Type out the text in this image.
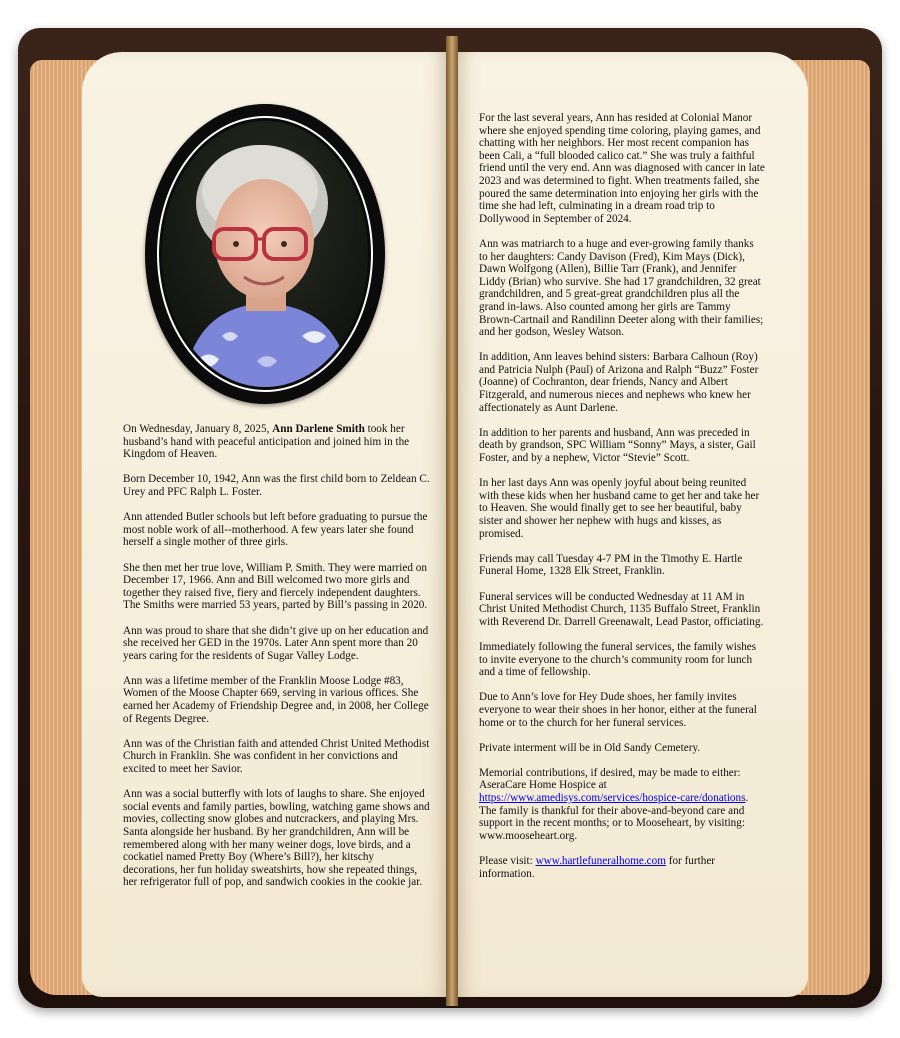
On Wednesday, January 8, 2025, Ann Darlene Smith took her husband’s hand with peaceful anticipation and joined him in the Kingdom of Heaven.

Born December 10, 1942, Ann was the first child born to Zeldean C. Urey and PFC Ralph L. Foster.

Ann attended Butler schools but left before graduating to pursue the most noble work of all--motherhood. A few years later she found herself a single mother of three girls.

She then met her true love, William P. Smith. They were married on December 17, 1966. Ann and Bill welcomed two more girls and together they raised five, fiery and fiercely independent daughters. The Smiths were married 53 years, parted by Bill’s passing in 2020.

Ann was proud to share that she didn’t give up on her education and she received her GED in the 1970s. Later Ann spent more than 20 years caring for the residents of Sugar Valley Lodge.

Ann was a lifetime member of the Franklin Moose Lodge #83, Women of the Moose Chapter 669, serving in various offices. She earned her Academy of Friendship Degree and, in 2008, her College of Regents Degree.

Ann was of the Christian faith and attended Christ United Methodist Church in Franklin. She was confident in her convictions and excited to meet her Savior.

Ann was a social butterfly with lots of laughs to share. She enjoyed social events and family parties, bowling, watching game shows and movies, collecting snow globes and nutcrackers, and playing Mrs. Santa alongside her husband. By her grandchildren, Ann will be remembered along with her many weiner dogs, love birds, and a cockatiel named Pretty Boy (Where’s Bill?), her kitschy decorations, her fun holiday sweatshirts, how she repeated things, her refrigerator full of pop, and sandwich cookies in the cookie jar.

For the last several years, Ann has resided at Colonial Manor where she enjoyed spending time coloring, playing games, and chatting with her neighbors. Her most recent companion has been Cali, a “full blooded calico cat.” She was truly a faithful friend until the very end. Ann was diagnosed with cancer in late 2023 and was determined to fight. When treatments failed, she poured the same determination into enjoying her girls with the time she had left, culminating in a dream road trip to Dollywood in September of 2024.

Ann was matriarch to a huge and ever-growing family thanks to her daughters: Candy Davison (Fred), Kim Mays (Dick), Dawn Wolfgong (Allen), Billie Tarr (Frank), and Jennifer Liddy (Brian) who survive. She had 17 grandchildren, 32 great grandchildren, and 5 great-great grandchildren plus all the grand in-laws. Also counted among her girls are Tammy Brown-Cartnail and Randilinn Deeter along with their families; and her godson, Wesley Watson.

In addition, Ann leaves behind sisters: Barbara Calhoun (Roy) and Patricia Nulph (Paul) of Arizona and Ralph “Buzz” Foster (Joanne) of Cochranton, dear friends, Nancy and Albert Fitzgerald, and numerous nieces and nephews who knew her affectionately as Aunt Darlene.

In addition to her parents and husband, Ann was preceded in death by grandson, SPC William “Sonny” Mays, a sister, Gail Foster, and by a nephew, Victor “Stevie” Scott.

In her last days Ann was openly joyful about being reunited with these kids when her husband came to get her and take her to Heaven. She would finally get to see her beautiful, baby sister and shower her nephew with hugs and kisses, as promised.

Friends may call Tuesday 4-7 PM in the Timothy E. Hartle Funeral Home, 1328 Elk Street, Franklin.

Funeral services will be conducted Wednesday at 11 AM in Christ United Methodist Church, 1135 Buffalo Street, Franklin with Reverend Dr. Darrell Greenawalt, Lead Pastor, officiating.

Immediately following the funeral services, the family wishes to invite everyone to the church’s community room for lunch and a time of fellowship.

Due to Ann’s love for Hey Dude shoes, her family invites everyone to wear their shoes in her honor, either at the funeral home or to the church for her funeral services.

Private interment will be in Old Sandy Cemetery.

Memorial contributions, if desired, may be made to either: AseraCare Home Hospice at https://www.amedisys.com/services/hospice-care/donations. The family is thankful for their above-and-beyond care and support in the recent months; or to Mooseheart, by visiting: www.mooseheart.org.

Please visit: www.hartlefuneralhome.com for further information.
